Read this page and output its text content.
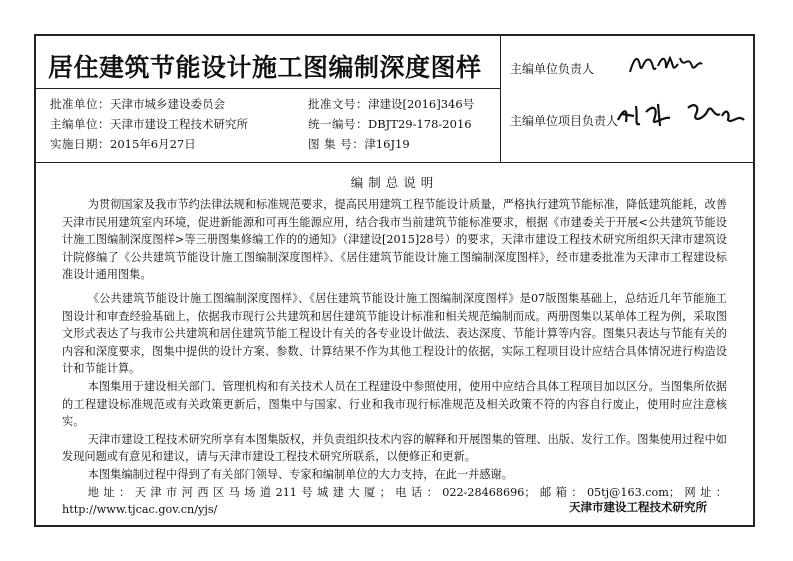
居住建筑节能设计施工图编制深度图样
批准单位：天津市城乡建设委员会	批准文号：津建设[2016]346号
主编单位：天津市建设工程技术研究所	统一编号：DBJT29-178-2016
实施日期：2015年6月27日	图 集 号：津16J19
主编单位负责人
主编单位项目负责人
编制总说明

为贯彻国家及我市节约法律法规和标准规范要求，提高民用建筑工程节能设计质量，严格执行建筑节能标准，降低建筑能耗，改善天津市民用建筑室内环境，促进新能源和可再生能源应用，结合我市当前建筑节能标准要求，根据《市建委关于开展<公共建筑节能设计施工图编制深度图样>等三册图集修编工作的的通知》（津建设[2015]28号）的要求，天津市建设工程技术研究所组织天津市建筑设计院修编了《公共建筑节能设计施工图编制深度图样》、《居住建筑节能设计施工图编制深度图样》，经市建委批准为天津市工程建设标准设计通用图集。

《公共建筑节能设计施工图编制深度图样》、《居住建筑节能设计施工图编制深度图样》是07版图集基础上，总结近几年节能施工图设计和审查经验基础上，依据我市现行公共建筑和居住建筑节能设计标准和相关规范编制而成。两册图集以某单体工程为例，采取图文形式表达了与我市公共建筑和居住建筑节能工程设计有关的各专业设计做法、表达深度、节能计算等内容。图集只表达与节能有关的内容和深度要求，图集中提供的设计方案、参数、计算结果不作为其他工程设计的依据，实际工程项目设计应结合具体情况进行构造设计和节能计算。

本图集用于建设相关部门、管理机构和有关技术人员在工程建设中参照使用，使用中应结合具体工程项目加以区分。当图集所依据的工程建设标准规范或有关政策更新后，图集中与国家、行业和我市现行标准规范及相关政策不符的内容自行废止，使用时应注意核实。

天津市建设工程技术研究所享有本图集版权，并负责组织技术内容的解释和开展图集的管理、出版、发行工作。图集使用过程中如发现问题或有意见和建议，请与天津市建设工程技术研究所联系，以便修正和更新。

本图集编制过程中得到了有关部门领导、专家和编制单位的大力支持，在此一并感谢。

地址：天津市河西区马场道211号城建大厦；电话：022-28468696；邮箱：05tj@163.com；网址：http://www.tjcac.gov.cn/yjs/	天津市建设工程技术研究所
